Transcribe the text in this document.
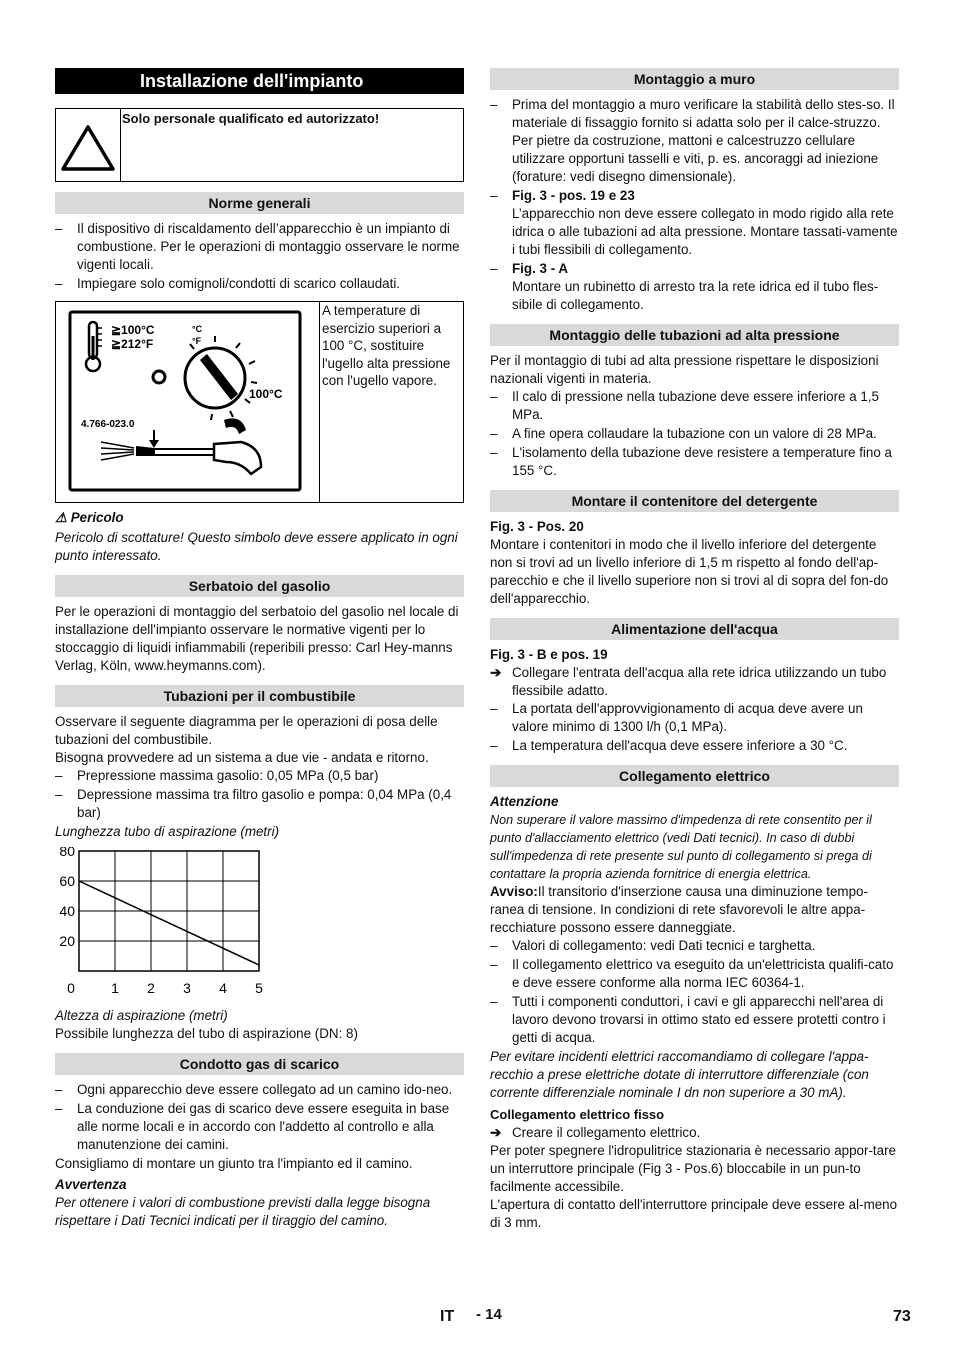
Installazione dell'impianto
Solo personale qualificato ed autorizzato!
Norme generali
– Il dispositivo di riscaldamento dell’apparecchio è un impianto di combustione. Per le operazioni di montaggio osservare le norme vigenti locali.
– Impiegare solo comignoli/condotti di scarico collaudati.
≧100°C
≧212°F
°C
°F
100°C
4.766-023.0
A temperature di esercizio superiori a 100 °C, sostituire l'ugello alta pressione con l'ugello vapore.

⚠ Pericolo

Pericolo di scottature! Questo simbolo deve essere applicato in ogni punto interessato.

Serbatoio del gasolio

Per le operazioni di montaggio del serbatoio del gasolio nel locale di installazione dell'impianto osservare le normative vigenti per lo stoccaggio di liquidi infiammabili (reperibili presso: Carl Hey-manns Verlag, Köln, www.heymanns.com).

Tubazioni per il combustibile

Osservare il seguente diagramma per le operazioni di posa delle tubazioni del combustibile.

Bisogna provvedere ad un sistema a due vie - andata e ritorno.

– Prepressione massima gasolio: 0,05 MPa (0,5 bar)
– Depressione massima tra filtro gasolio e pompa: 0,04 MPa (0,4 bar)

Lunghezza tubo di aspirazione (metri)

80
60
40
20
0	1 2 3 4 5

Altezza di aspirazione (metri)

Possibile lunghezza del tubo di aspirazione (DN: 8)

Condotto gas di scarico
– Ogni apparecchio deve essere collegato ad un camino ido-neo.
– La conduzione dei gas di scarico deve essere eseguita in base alle norme locali e in accordo con l'addetto al controllo e alla manutenzione dei camini.

Consigliamo di montare un giunto tra l'impianto ed il camino.

Avvertenza

Per ottenere i valori di combustione previsti dalla legge bisogna rispettare i Dati Tecnici indicati per il tiraggio del camino.

Montaggio a muro
– Prima del montaggio a muro verificare la stabilità dello stes-so. Il materiale di fissaggio fornito si adatta solo per il calce-struzzo. Per pietre da costruzione, mattoni e calcestruzzo cellulare utilizzare opportuni tasselli e viti, p. es. ancoraggi ad iniezione (forature: vedi disegno dimensionale).
– Fig. 3 - pos. 19 e 23
L’apparecchio non deve essere collegato in modo rigido alla rete idrica o alle tubazioni ad alta pressione. Montare tassati-vamente i tubi flessibili di collegamento.
– Fig. 3 - A
Montare un rubinetto di arresto tra la rete idrica ed il tubo fles-sibile di collegamento.
Montaggio delle tubazioni ad alta pressione

Per il montaggio di tubi ad alta pressione rispettare le disposizioni nazionali vigenti in materia.

– Il calo di pressione nella tubazione deve essere inferiore a 1,5 MPa.
– A fine opera collaudare la tubazione con un valore di 28 MPa.
– L'isolamento della tubazione deve resistere a temperature fino a 155 °C.
Montare il contenitore del detergente

Fig. 3 - Pos. 20

Montare i contenitori in modo che il livello inferiore del detergente non si trovi ad un livello inferiore di 1,5 m rispetto al fondo dell'ap-parecchio e che il livello superiore non si trovi al di sopra del fon-do dell'apparecchio.

Alimentazione dell'acqua

Fig. 3 - B e pos. 19

➔ Collegare l'entrata dell'acqua alla rete idrica utilizzando un tubo flessibile adatto.
– La portata dell'approvvigionamento di acqua deve avere un valore minimo di 1300 l/h (0,1 MPa).
– La temperatura dell'acqua deve essere inferiore a 30 °C.
Collegamento elettrico

Attenzione

Non superare il valore massimo d'impedenza di rete consentito per il punto d'allacciamento elettrico (vedi Dati tecnici). In caso di dubbi sull'impedenza di rete presente sul punto di collegamento si prega di contattare la propria azienda fornitrice di energia elettrica.

Avviso:Il transitorio d'inserzione causa una diminuzione tempo-ranea di tensione. In condizioni di rete sfavorevoli le altre appa-recchiature possono essere danneggiate.

– Valori di collegamento: vedi Dati tecnici e targhetta.
– Il collegamento elettrico va eseguito da un'elettricista qualifi-cato e deve essere conforme alla norma IEC 60364-1.
– Tutti i componenti conduttori, i cavi e gli apparecchi nell'area di lavoro devono trovarsi in ottimo stato ed essere protetti contro i getti di acqua.

Per evitare incidenti elettrici raccomandiamo di collegare l'appa-recchio a prese elettriche dotate di interruttore differenziale (con corrente differenziale nominale I dn non superiore a 30 mA).

Collegamento elettrico fisso

➔ Creare il collegamento elettrico.

Per poter spegnere l'idropulitrice stazionaria è necessario appor-tare un interruttore principale (Fig 3 - Pos.6) bloccabile in un pun-to facilmente accessibile.

L'apertura di contatto dell'interruttore principale deve essere al-meno di 3 mm.

IT - 14	73
